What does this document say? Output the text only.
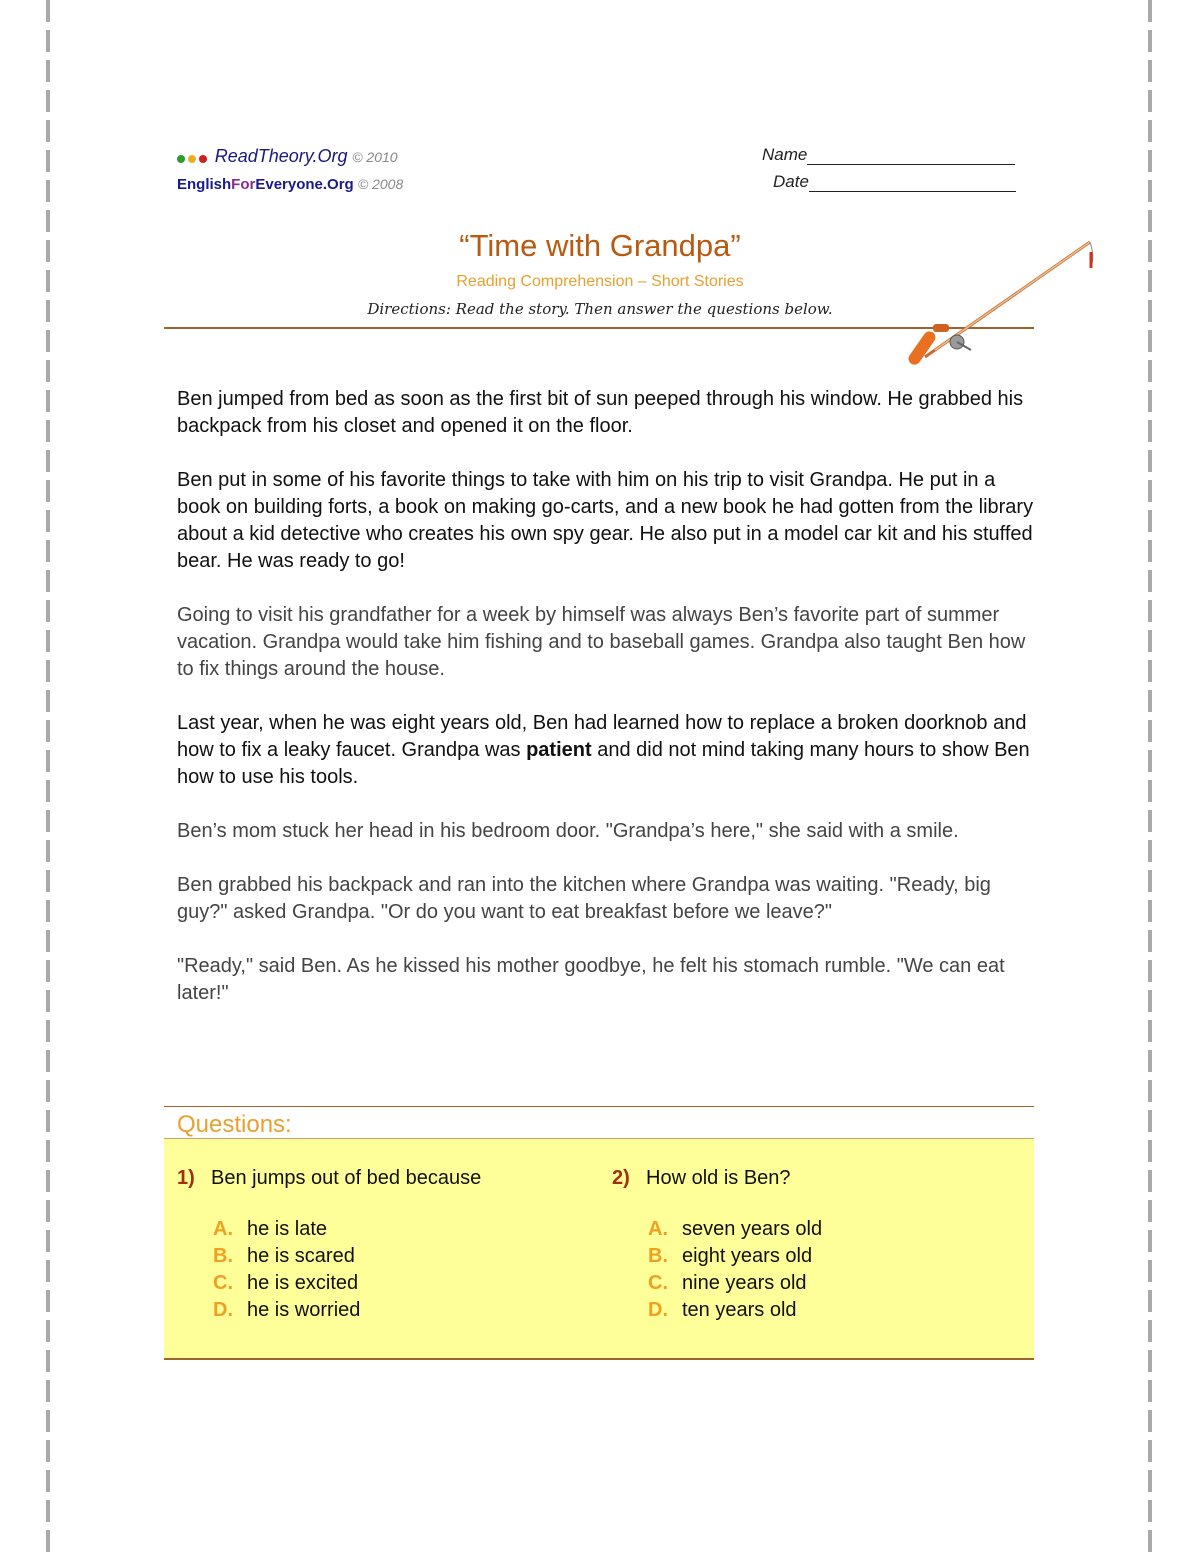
ReadTheory.Org © 2010
EnglishForEveryone.Org © 2008
Name
Date
“Time with Grandpa”
Reading Comprehension – Short Stories
Directions: Read the story. Then answer the questions below.

Ben jumped from bed as soon as the first bit of sun peeped through his window. He grabbed his backpack from his closet and opened it on the floor.

Ben put in some of his favorite things to take with him on his trip to visit Grandpa. He put in a book on building forts, a book on making go-carts, and a new book he had gotten from the library about a kid detective who creates his own spy gear. He also put in a model car kit and his stuffed bear. He was ready to go!

Going to visit his grandfather for a week by himself was always Ben’s favorite part of summer vacation. Grandpa would take him fishing and to baseball games. Grandpa also taught Ben how to fix things around the house.

Last year, when he was eight years old, Ben had learned how to replace a broken doorknob and how to fix a leaky faucet. Grandpa was patient and did not mind taking many hours to show Ben how to use his tools.

Ben’s mom stuck her head in his bedroom door. "Grandpa’s here," she said with a smile.

Ben grabbed his backpack and ran into the kitchen where Grandpa was waiting. "Ready, big guy?" asked Grandpa. "Or do you want to eat breakfast before we leave?"

"Ready," said Ben. As he kissed his mother goodbye, he felt his stomach rumble. "We can eat later!"

Questions:
1) Ben jumps out of bed because
A. he is late
B. he is scared
C. he is excited
D. he is worried
2) How old is Ben?
A. seven years old
B. eight years old
C. nine years old
D. ten years old
